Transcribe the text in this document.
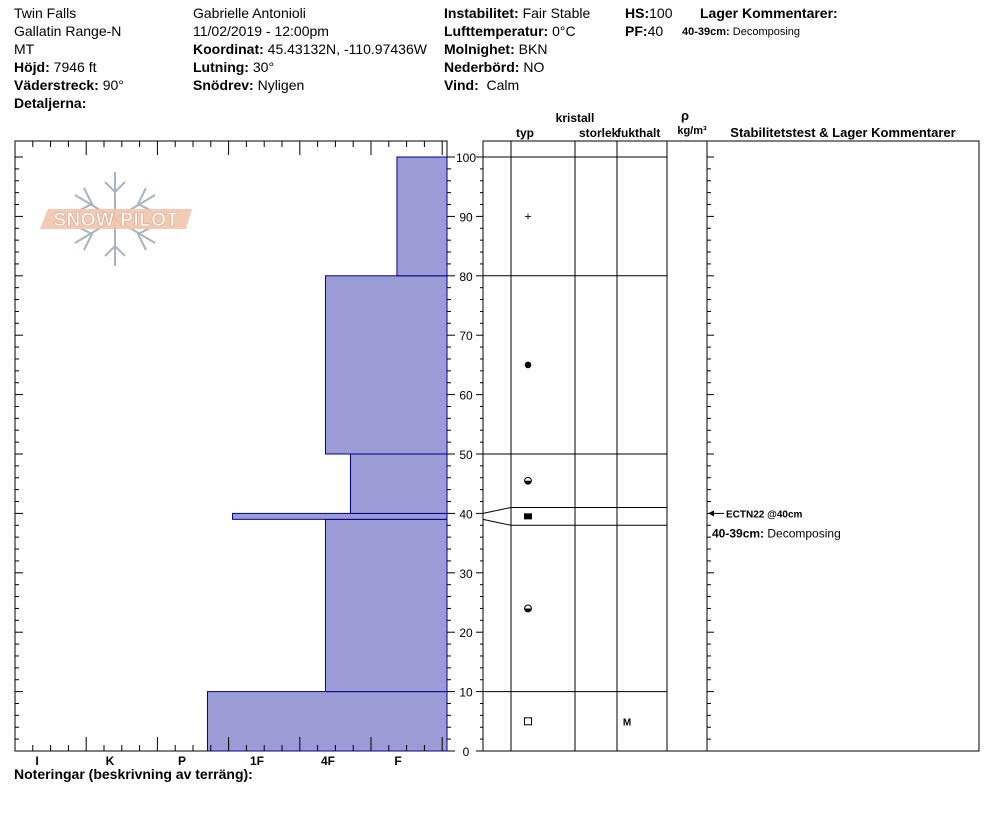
Twin Falls
Gallatin Range-N
MT
Höjd: 7946 ft
Väderstreck: 90°
Detaljerna:
Gabrielle Antonioli
11/02/2019 - 12:00pm
Koordinat: 45.43132N, -110.97436W
Lutning: 30°
Snödrev: Nyligen
Instabilitet: Fair Stable
Lufttemperatur: 0°C
Molnighet: BKN
Nederbörd: NO
Vind: Calm
HS:100
PF:40
Lager Kommentarer:
40-39cm: Decomposing
SNOW PILOT
I	K	P	1F	4F	F
0
10
20
30
40
50
60
70
80
90
100
+
M
ECTN22 @40cm
40-39cm: Decomposing
kristall
typ	storlek
fukthalt
ρ
kg/m³ Stabilitetstest & Lager Kommentarer
Noteringar (beskrivning av terräng):
